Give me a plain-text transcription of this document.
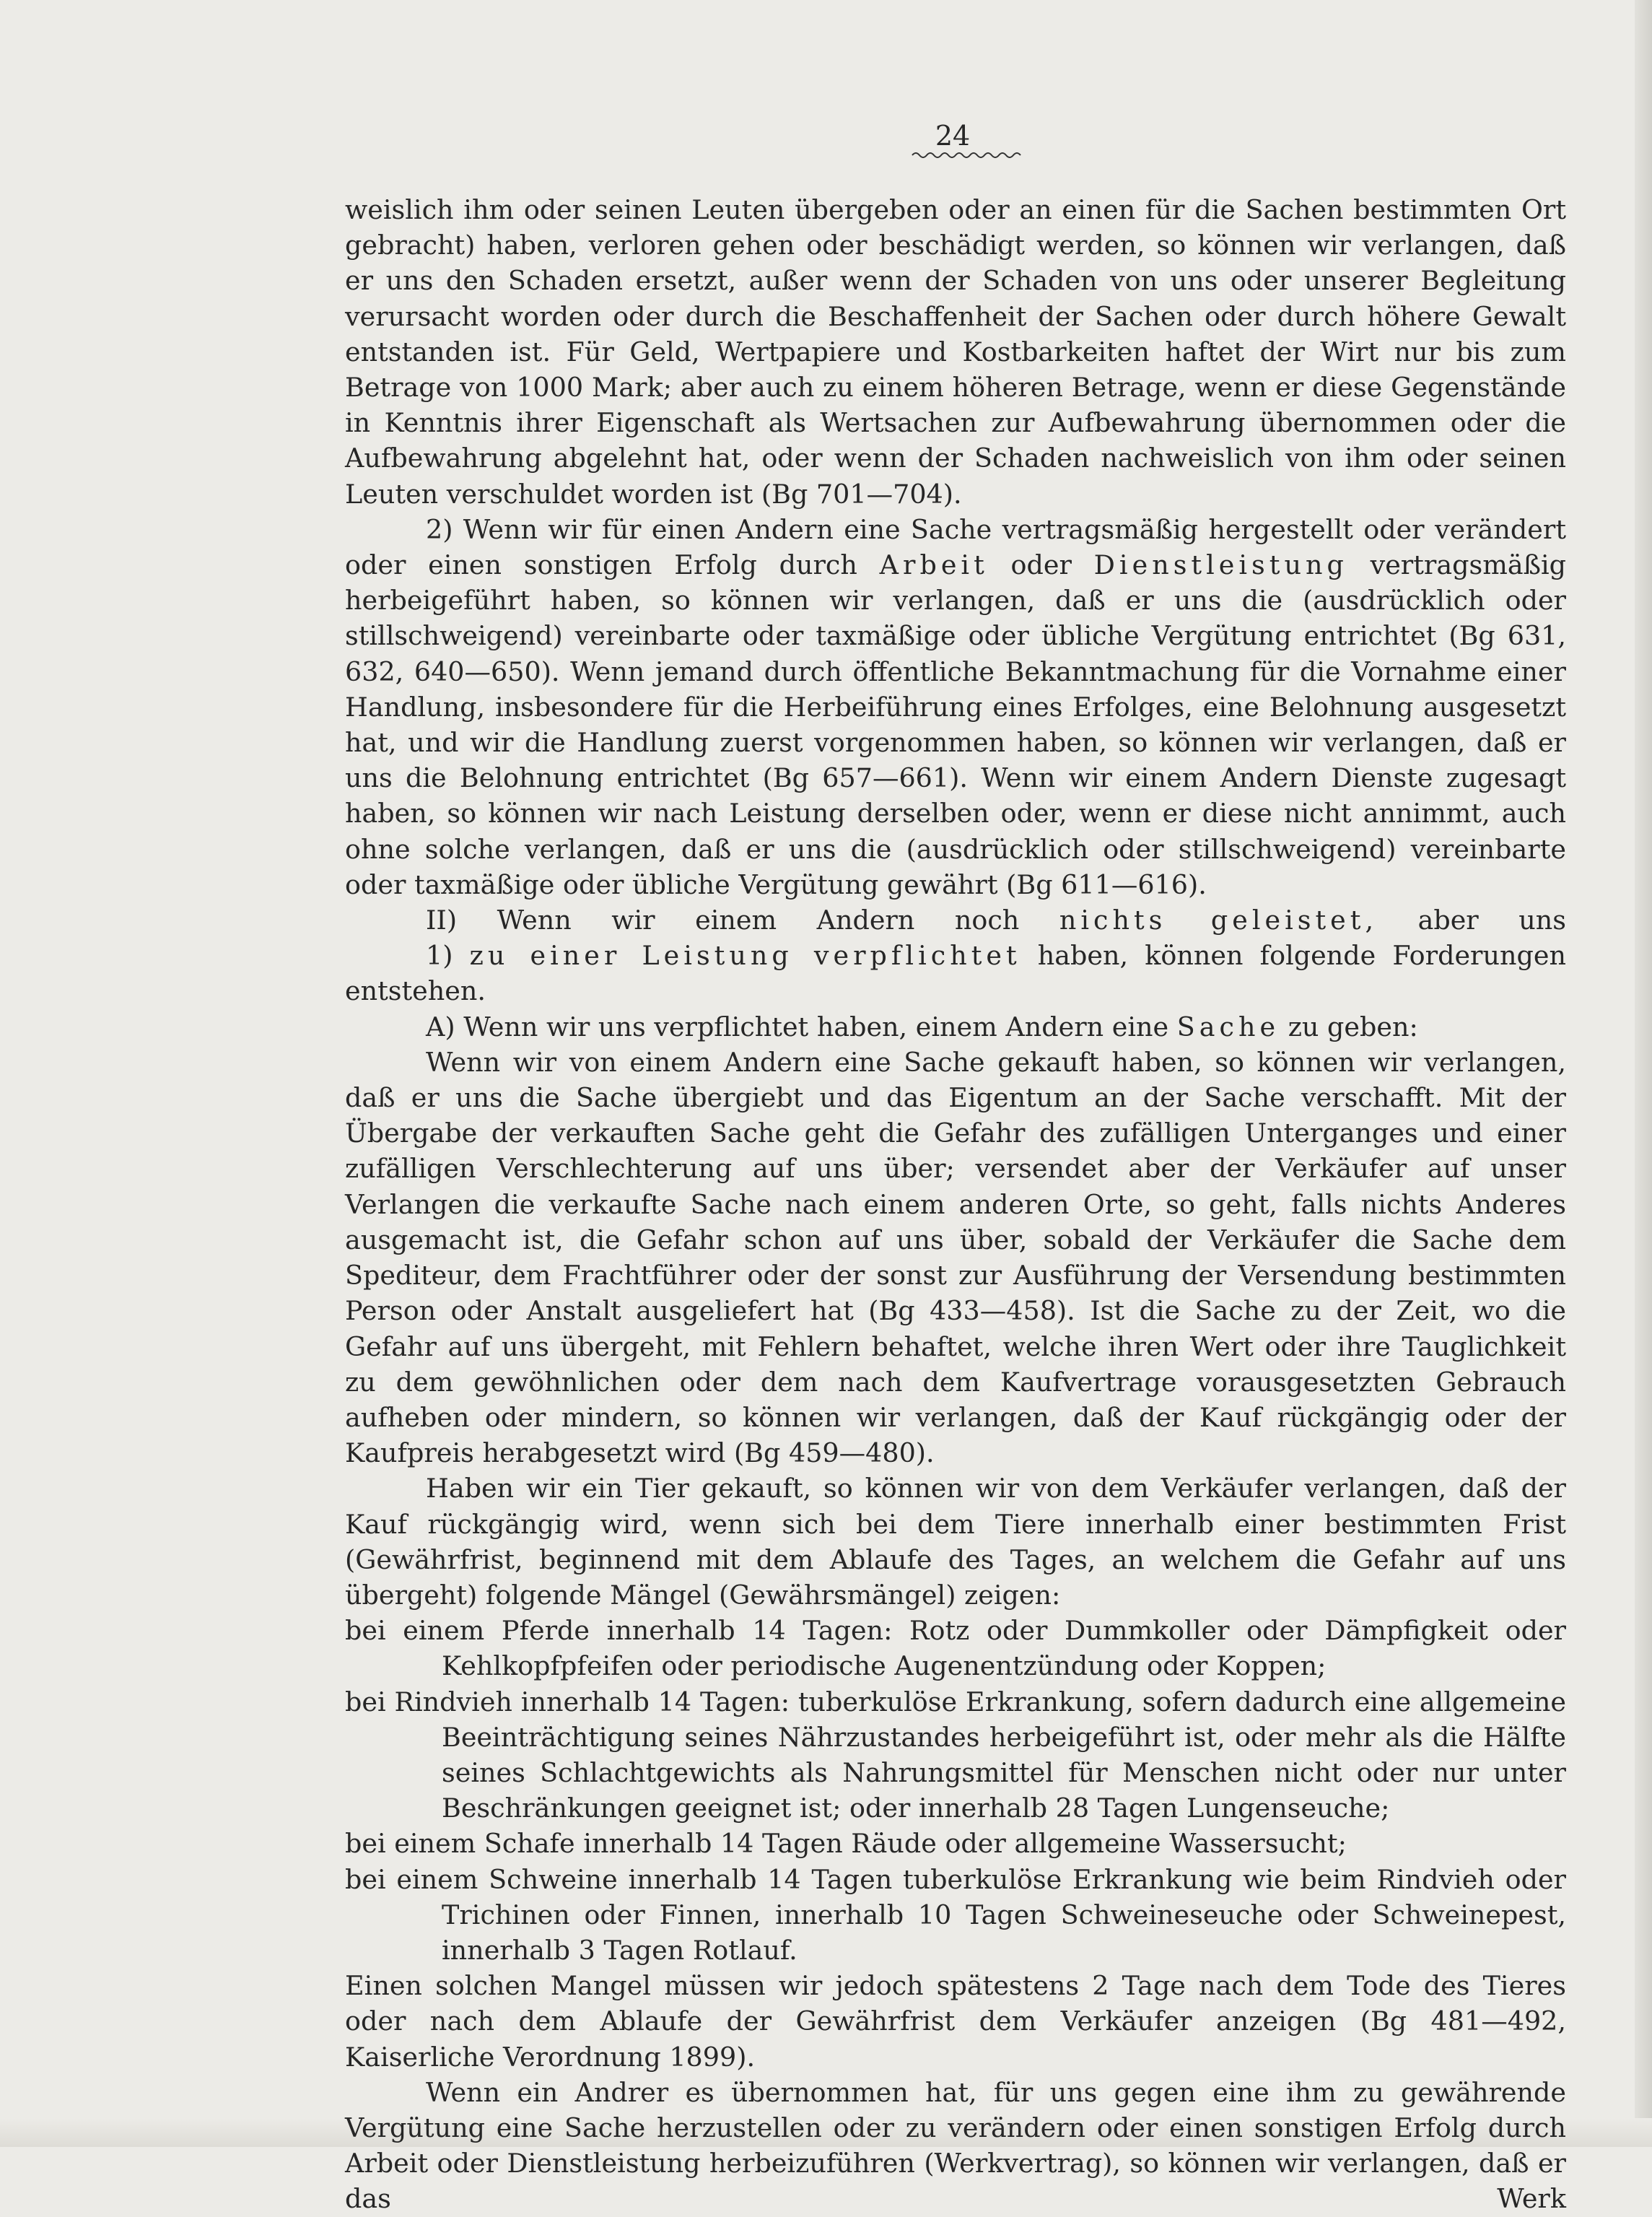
24

weislich ihm oder seinen Leuten übergeben oder an einen für die Sachen bestimmten Ort gebracht) haben, verloren gehen oder beschädigt werden, so können wir verlangen, daß er uns den Schaden ersetzt, außer wenn der Schaden von uns oder unserer Begleitung verursacht worden oder durch die Beschaffenheit der Sachen oder durch höhere Gewalt entstanden ist. Für Geld, Wertpapiere und Kostbarkeiten haftet der Wirt nur bis zum Betrage von 1000 Mark; aber auch zu einem höheren Betrage, wenn er diese Gegenstände in Kenntnis ihrer Eigenschaft als Wertsachen zur Aufbewahrung übernommen oder die Aufbewahrung abgelehnt hat, oder wenn der Schaden nachweislich von ihm oder seinen Leuten verschuldet worden ist (Bg 701—704).

2) Wenn wir für einen Andern eine Sache vertragsmäßig hergestellt oder verändert oder einen sonstigen Erfolg durch Arbeit oder Dienstleistung vertragsmäßig herbeigeführt haben, so können wir verlangen, daß er uns die (ausdrücklich oder stillschweigend) vereinbarte oder taxmäßige oder übliche Vergütung entrichtet (Bg 631, 632, 640—650). Wenn jemand durch öffentliche Bekanntmachung für die Vornahme einer Handlung, insbesondere für die Herbeiführung eines Erfolges, eine Belohnung ausgesetzt hat, und wir die Handlung zuerst vorgenommen haben, so können wir verlangen, daß er uns die Belohnung entrichtet (Bg 657—661). Wenn wir einem Andern Dienste zugesagt haben, so können wir nach Leistung derselben oder, wenn er diese nicht annimmt, auch ohne solche verlangen, daß er uns die (ausdrücklich oder stillschweigend) vereinbarte oder taxmäßige oder übliche Vergütung gewährt (Bg 611—616).

II) Wenn wir einem Andern noch nichts geleistet, aber uns

1) zu einer Leistung verpflichtet haben, können folgende Forderungen entstehen.

A) Wenn wir uns verpflichtet haben, einem Andern eine Sache zu geben:

Wenn wir von einem Andern eine Sache gekauft haben, so können wir verlangen, daß er uns die Sache übergiebt und das Eigentum an der Sache verschafft. Mit der Übergabe der verkauften Sache geht die Gefahr des zufälligen Unterganges und einer zufälligen Verschlechterung auf uns über; versendet aber der Verkäufer auf unser Verlangen die verkaufte Sache nach einem anderen Orte, so geht, falls nichts Anderes ausgemacht ist, die Gefahr schon auf uns über, sobald der Verkäufer die Sache dem Spediteur, dem Frachtführer oder der sonst zur Ausführung der Versendung bestimmten Person oder Anstalt ausgeliefert hat (Bg 433—458). Ist die Sache zu der Zeit, wo die Gefahr auf uns übergeht, mit Fehlern behaftet, welche ihren Wert oder ihre Tauglichkeit zu dem gewöhnlichen oder dem nach dem Kaufvertrage vorausgesetzten Gebrauch aufheben oder mindern, so können wir verlangen, daß der Kauf rückgängig oder der Kaufpreis herabgesetzt wird (Bg 459—480).

Haben wir ein Tier gekauft, so können wir von dem Verkäufer verlangen, daß der Kauf rückgängig wird, wenn sich bei dem Tiere innerhalb einer bestimmten Frist (Gewährfrist, beginnend mit dem Ablaufe des Tages, an welchem die Gefahr auf uns übergeht) folgende Mängel (Gewährsmängel) zeigen:

bei einem Pferde innerhalb 14 Tagen: Rotz oder Dummkoller oder Dämpfigkeit oder Kehlkopfpfeifen oder periodische Augenentzündung oder Koppen;

bei Rindvieh innerhalb 14 Tagen: tuberkulöse Erkrankung, sofern dadurch eine allgemeine Beeinträchtigung seines Nährzustandes herbeigeführt ist, oder mehr als die Hälfte seines Schlachtgewichts als Nahrungsmittel für Menschen nicht oder nur unter Beschränkungen geeignet ist; oder innerhalb 28 Tagen Lungenseuche;

bei einem Schafe innerhalb 14 Tagen Räude oder allgemeine Wassersucht;

bei einem Schweine innerhalb 14 Tagen tuberkulöse Erkrankung wie beim Rindvieh oder Trichinen oder Finnen, innerhalb 10 Tagen Schweineseuche oder Schweinepest, innerhalb 3 Tagen Rotlauf.

Einen solchen Mangel müssen wir jedoch spätestens 2 Tage nach dem Tode des Tieres oder nach dem Ablaufe der Gewährfrist dem Verkäufer anzeigen (Bg 481—492, Kaiserliche Verordnung 1899).

Wenn ein Andrer es übernommen hat, für uns gegen eine ihm zu gewährende Vergütung eine Sache herzustellen oder zu verändern oder einen sonstigen Erfolg durch Arbeit oder Dienstleistung herbeizuführen (Werkvertrag), so können wir verlangen, daß er das Werk
